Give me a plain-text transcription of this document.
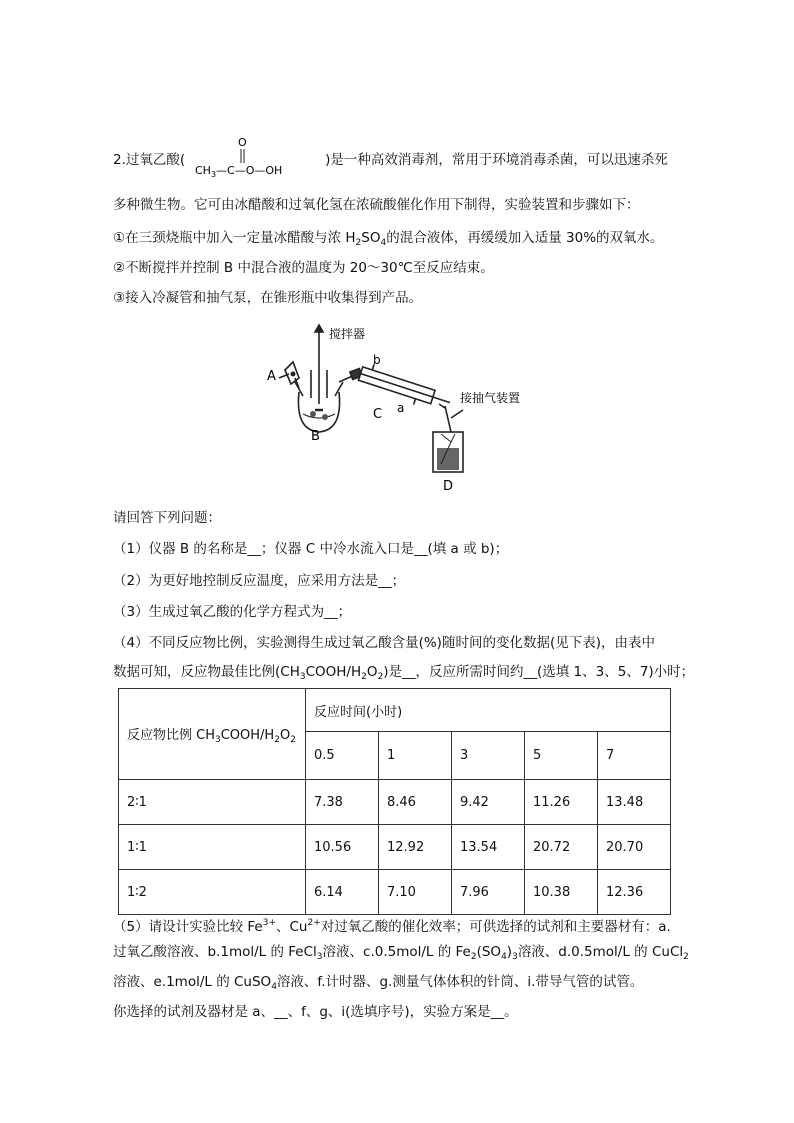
2.过氧乙酸(	)是一种高效消毒剂，常用于环境消毒杀菌，可以迅速杀死
O
$CH_3—C—O—OH$
多种微生物。它可由冰醋酸和过氧化氢在浓硫酸催化作用下制得，实验装置和步骤如下：
①在三颈烧瓶中加入一定量冰醋酸与浓 $H_2SO_4$的混合液体，再缓缓加入适量 30%的双氧水。
②不断搅拌并控制 B 中混合液的温度为 20～30℃至反应结束。
③接入冷凝管和抽气泵，在锥形瓶中收集得到产品。
搅拌器
A
B
C
D
b
a
接抽气装置
请回答下列问题：
（1）仪器 B 的名称是__；仪器 C 中冷水流入口是__(填 a 或 b)；
（2）为更好地控制反应温度，应采用方法是__；
（3）生成过氧乙酸的化学方程式为__；
（4）不同反应物比例，实验测得生成过氧乙酸含量(%)随时间的变化数据(见下表)，由表中
数据可知，反应物最佳比例$(CH_3COOH/H_2O_2)$是__，反应所需时间约__(选填 1、3、5、7)小时；
反应物比例 $CH_3COOH/H_2O_2$	反应时间(小时)				
	0.5	1	3	5	7
2∶1	7.38	8.46	9.42	11.26	13.48
1∶1	10.56	12.92	13.54	20.72	20.70
1∶2	6.14	7.10	7.96	10.38	12.36
（5）请设计实验比较 $Fe^{3+}$、$Cu^{2+}$对过氧乙酸的催化效率；可供选择的试剂和主要器材有：a.
过氧乙酸溶液、b.1mol/L 的 FeCl$_3$溶液、c.0.5mol/L 的 $Fe_2(SO_4)_3$溶液、d.0.5mol/L 的 CuCl$_2$
溶液、e.1mol/L 的 CuSO$_4$溶液、f.计时器、g.测量气体体积的针筒、i.带导气管的试管。
你选择的试剂及器材是 a、__、f、g、i(选填序号)，实验方案是__。
